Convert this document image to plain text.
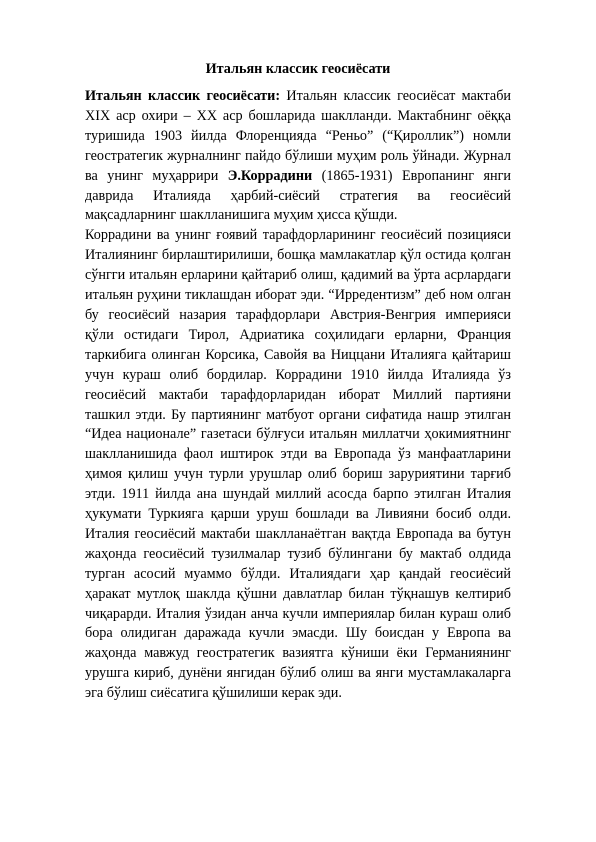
Итальян классик геосиёсати

Итальян классик геосиёсати: Итальян классик геосиёсат мактаби XIX аср охири – XX аср бошларида шаклланди. Мактабнинг оёққа туришида 1903 йилда Флоренцияда “Реньо” (“Қироллик”) номли геостратегик журналнинг пайдо бўлиши муҳим роль ўйнади. Журнал ва унинг муҳаррири Э.Коррадини (1865-1931) Европанинг янги даврида Италияда ҳарбий-сиёсий стратегия ва геосиёсий мақсадларнинг шаклланишига муҳим ҳисса қўшди.

Коррадини ва унинг ғоявий тарафдорларининг геосиёсий позицияси Италиянинг бирлаштирилиши, бошқа мамлакатлар қўл остида қолган сўнгги итальян ерларини қайтариб олиш, қадимий ва ўрта асрлардаги итальян руҳини тиклашдан иборат эди. “Ирредентизм” деб ном олган бу геосиёсий назария тарафдорлари Австрия-Венгрия империяси қўли остидаги Тирол, Адриатика соҳилидаги ерларни, Франция таркибига олинган Корсика, Савойя ва Ниццани Италияга қайтариш учун кураш олиб бордилар. Коррадини 1910 йилда Италияда ўз геосиёсий мактаби тарафдорларидан иборат Миллий партияни ташкил этди. Бу партиянинг матбуот органи сифатида нашр этилган “Идеа национале” газетаси бўлғуси итальян миллатчи ҳокимиятнинг шаклланишида фаол иштирок этди ва Европада ўз манфаатларини ҳимоя қилиш учун турли урушлар олиб бориш заруриятини тарғиб этди. 1911 йилда ана шундай миллий асосда барпо этилган Италия ҳукумати Туркияга қарши уруш бошлади ва Ливияни босиб олди. Италия геосиёсий мактаби шаклланаётган вақтда Европада ва бутун жаҳонда геосиёсий тузилмалар тузиб бўлингани бу мактаб олдида турган асосий муаммо бўлди. Италиядаги ҳар қандай геосиёсий ҳаракат мутлоқ шаклда қўшни давлатлар билан тўқнашув келтириб чиқарарди. Италия ўзидан анча кучли империялар билан кураш олиб бора олидиган даражада кучли эмасди. Шу боисдан у Европа ва жаҳонда мавжуд геостратегик вазиятга кўниши ёки Германиянинг урушга кириб, дунёни янгидан бўлиб олиш ва янги мустамлакаларга эга бўлиш сиёсатига қўшилиши керак эди.
